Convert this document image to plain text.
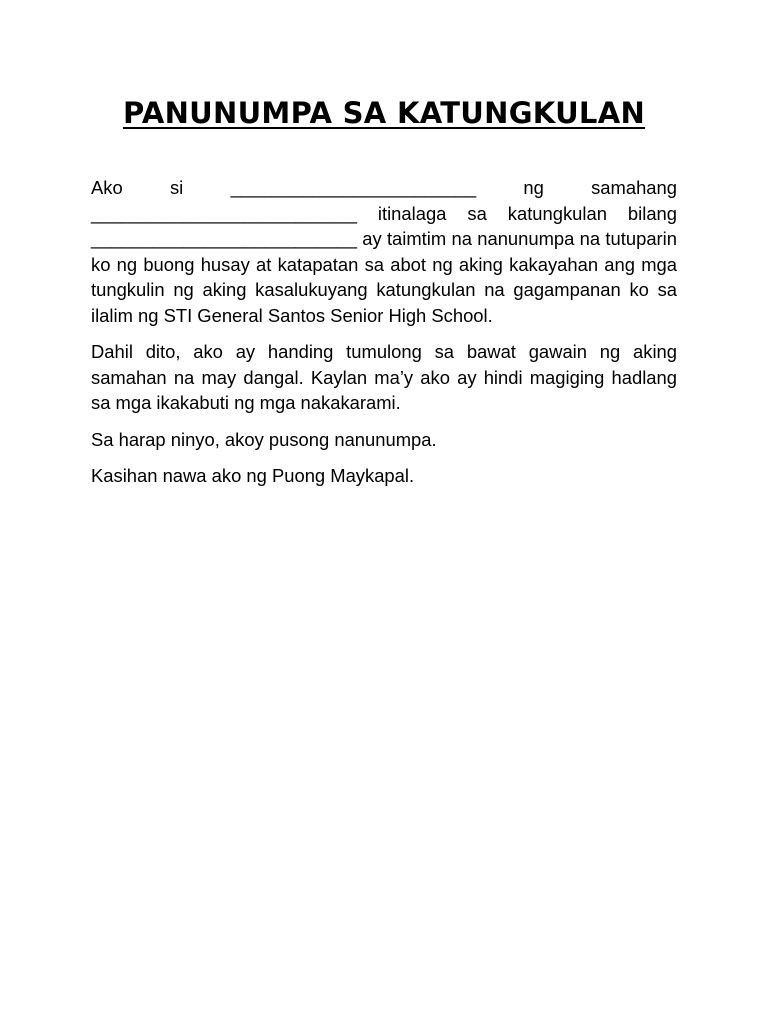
PANUNUMPA SA KATUNGKULAN

Ako si ________________________ ng samahang __________________________ itinalaga sa katungkulan bilang __________________________ ay taimtim na nanunumpa na tutuparin ko ng buong husay at katapatan sa abot ng aking kakayahan ang mga tungkulin ng aking kasalukuyang katungkulan na gagampanan ko sa ilalim ng STI General Santos Senior High School.

Dahil dito, ako ay handing tumulong sa bawat gawain ng aking samahan na may dangal. Kaylan ma’y ako ay hindi magiging hadlang sa mga ikakabuti ng mga nakakarami.

Sa harap ninyo, akoy pusong nanunumpa.

Kasihan nawa ako ng Puong Maykapal.
